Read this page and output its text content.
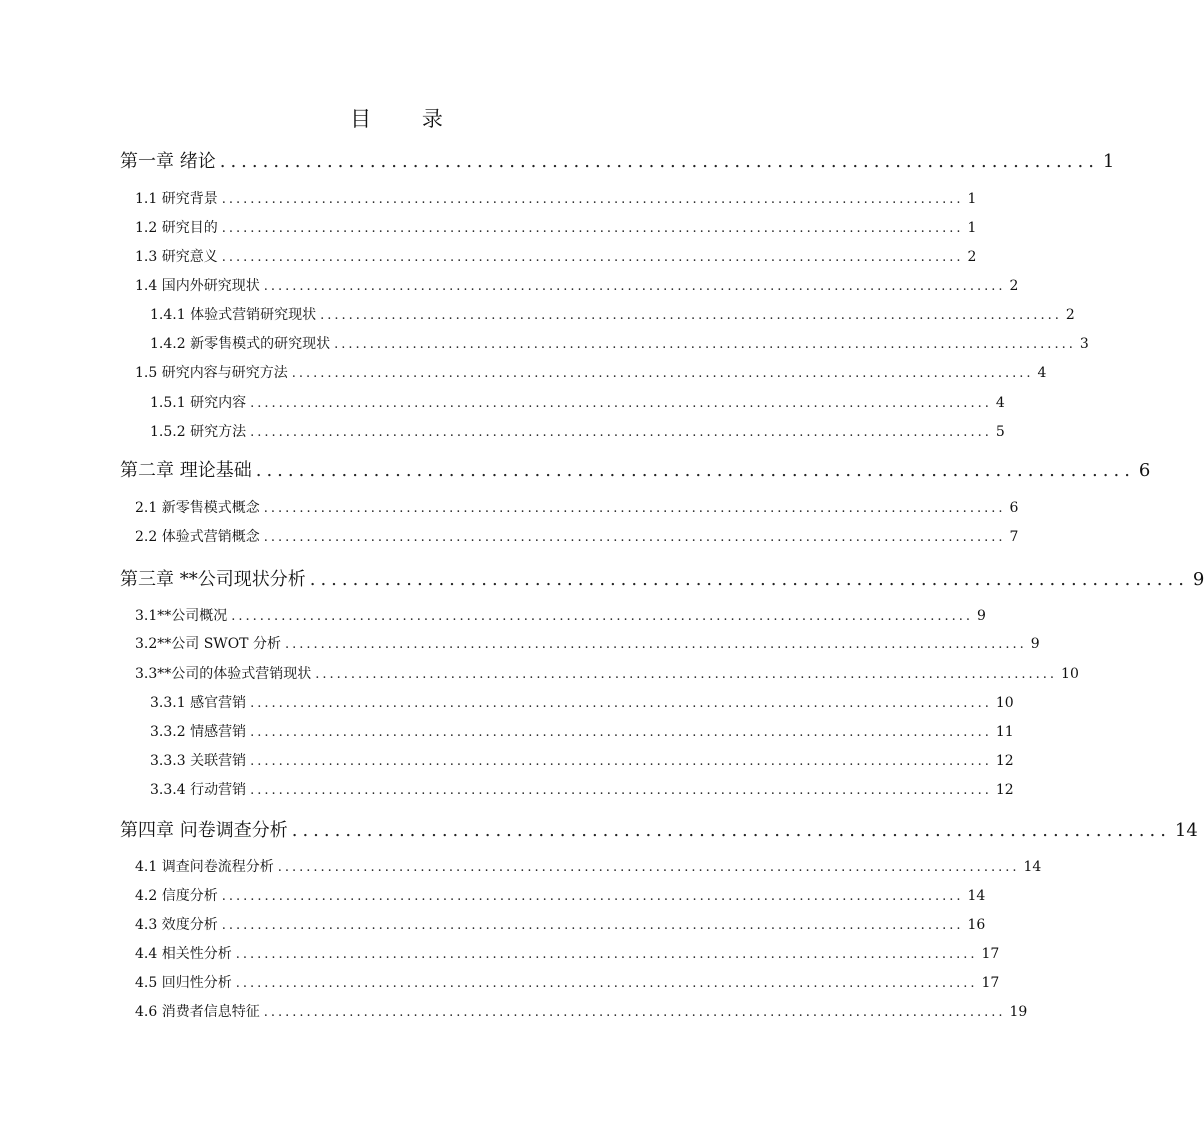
目 录
第一章 绪论 .................................................................................. 1
1.1 研究背景 ........................................................................................................ 1
1.2 研究目的 ........................................................................................................ 1
1.3 研究意义 ........................................................................................................ 2
1.4 国内外研究现状 ........................................................................................................ 2
1.4.1 体验式营销研究现状 ........................................................................................................ 2
1.4.2 新零售模式的研究现状 ........................................................................................................ 3
1.5 研究内容与研究方法 ........................................................................................................ 4
1.5.1 研究内容 ........................................................................................................ 4
1.5.2 研究方法 ........................................................................................................ 5
第二章 理论基础 .................................................................................. 6
2.1 新零售模式概念 ........................................................................................................ 6
2.2 体验式营销概念 ........................................................................................................ 7
第三章 **公司现状分析 .................................................................................. 9
3.1**公司概况 ........................................................................................................ 9
3.2**公司 SWOT 分析 ........................................................................................................ 9
3.3**公司的体验式营销现状 ........................................................................................................ 10
3.3.1 感官营销 ........................................................................................................ 10
3.3.2 情感营销 ........................................................................................................ 11
3.3.3 关联营销 ........................................................................................................ 12
3.3.4 行动营销 ........................................................................................................ 12
第四章 问卷调查分析 .................................................................................. 14
4.1 调查问卷流程分析 ........................................................................................................ 14
4.2 信度分析 ........................................................................................................ 14
4.3 效度分析 ........................................................................................................ 16
4.4 相关性分析 ........................................................................................................ 17
4.5 回归性分析 ........................................................................................................ 17
4.6 消费者信息特征 ........................................................................................................ 19
